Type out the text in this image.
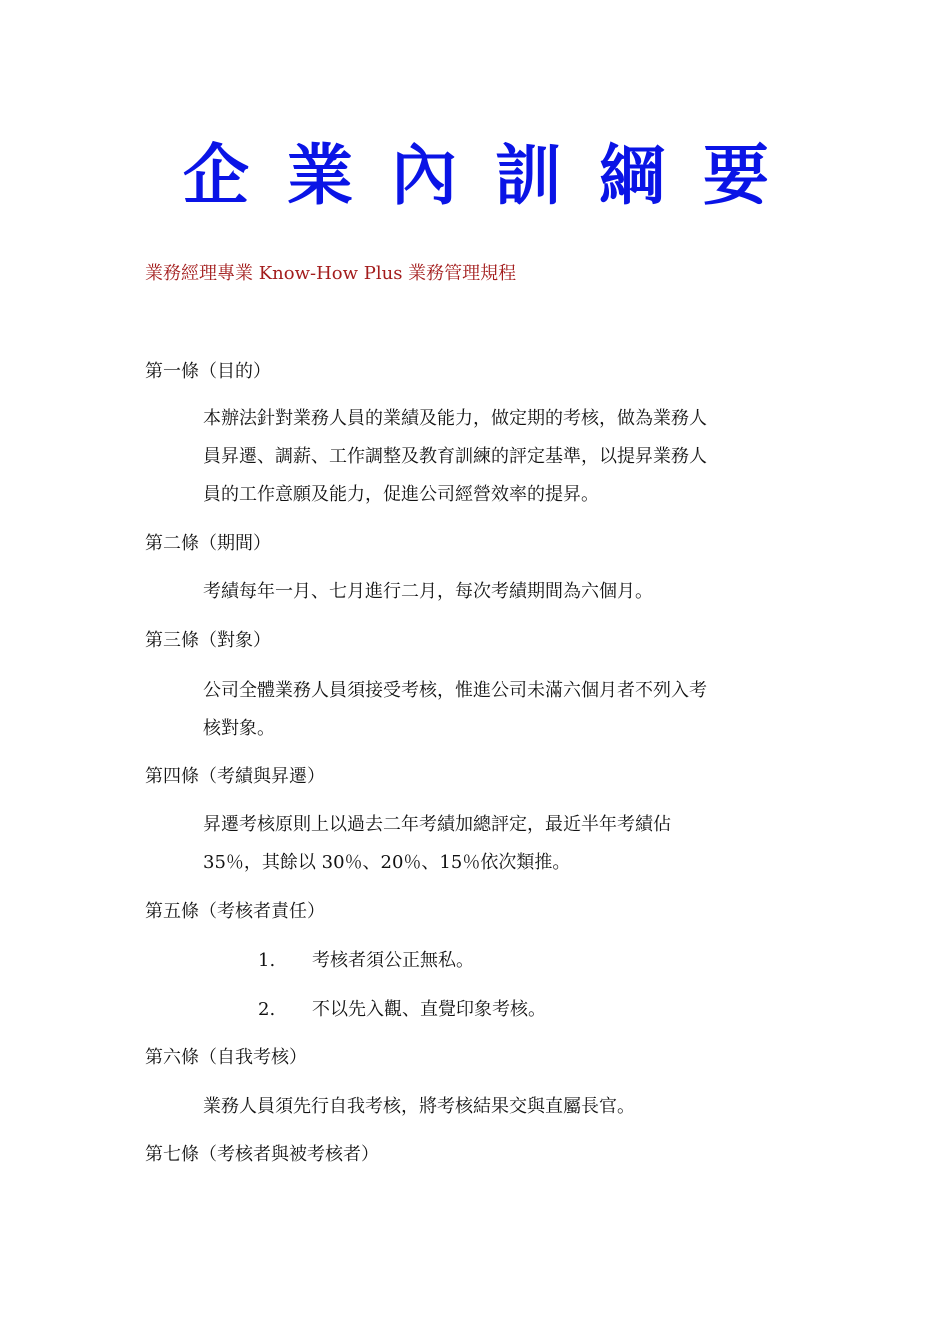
企業內訓綱要
業務經理專業 Know-How Plus 業務管理規程
第一條（目的）
本辦法針對業務人員的業績及能力，做定期的考核，做為業務人
員昇遷、調薪、工作調整及教育訓練的評定基準，以提昇業務人
員的工作意願及能力，促進公司經營效率的提昇。
第二條（期間）
考績每年一月、七月進行二月，每次考績期間為六個月。
第三條（對象）
公司全體業務人員須接受考核，惟進公司未滿六個月者不列入考
核對象。
第四條（考績與昇遷）
昇遷考核原則上以過去二年考績加總評定，最近半年考績佔
35％，其餘以 30％、20％、15％依次類推。
第五條（考核者責任）
1. 考核者須公正無私。
2. 不以先入觀、直覺印象考核。
第六條（自我考核）
業務人員須先行自我考核，將考核結果交與直屬長官。
第七條（考核者與被考核者）
